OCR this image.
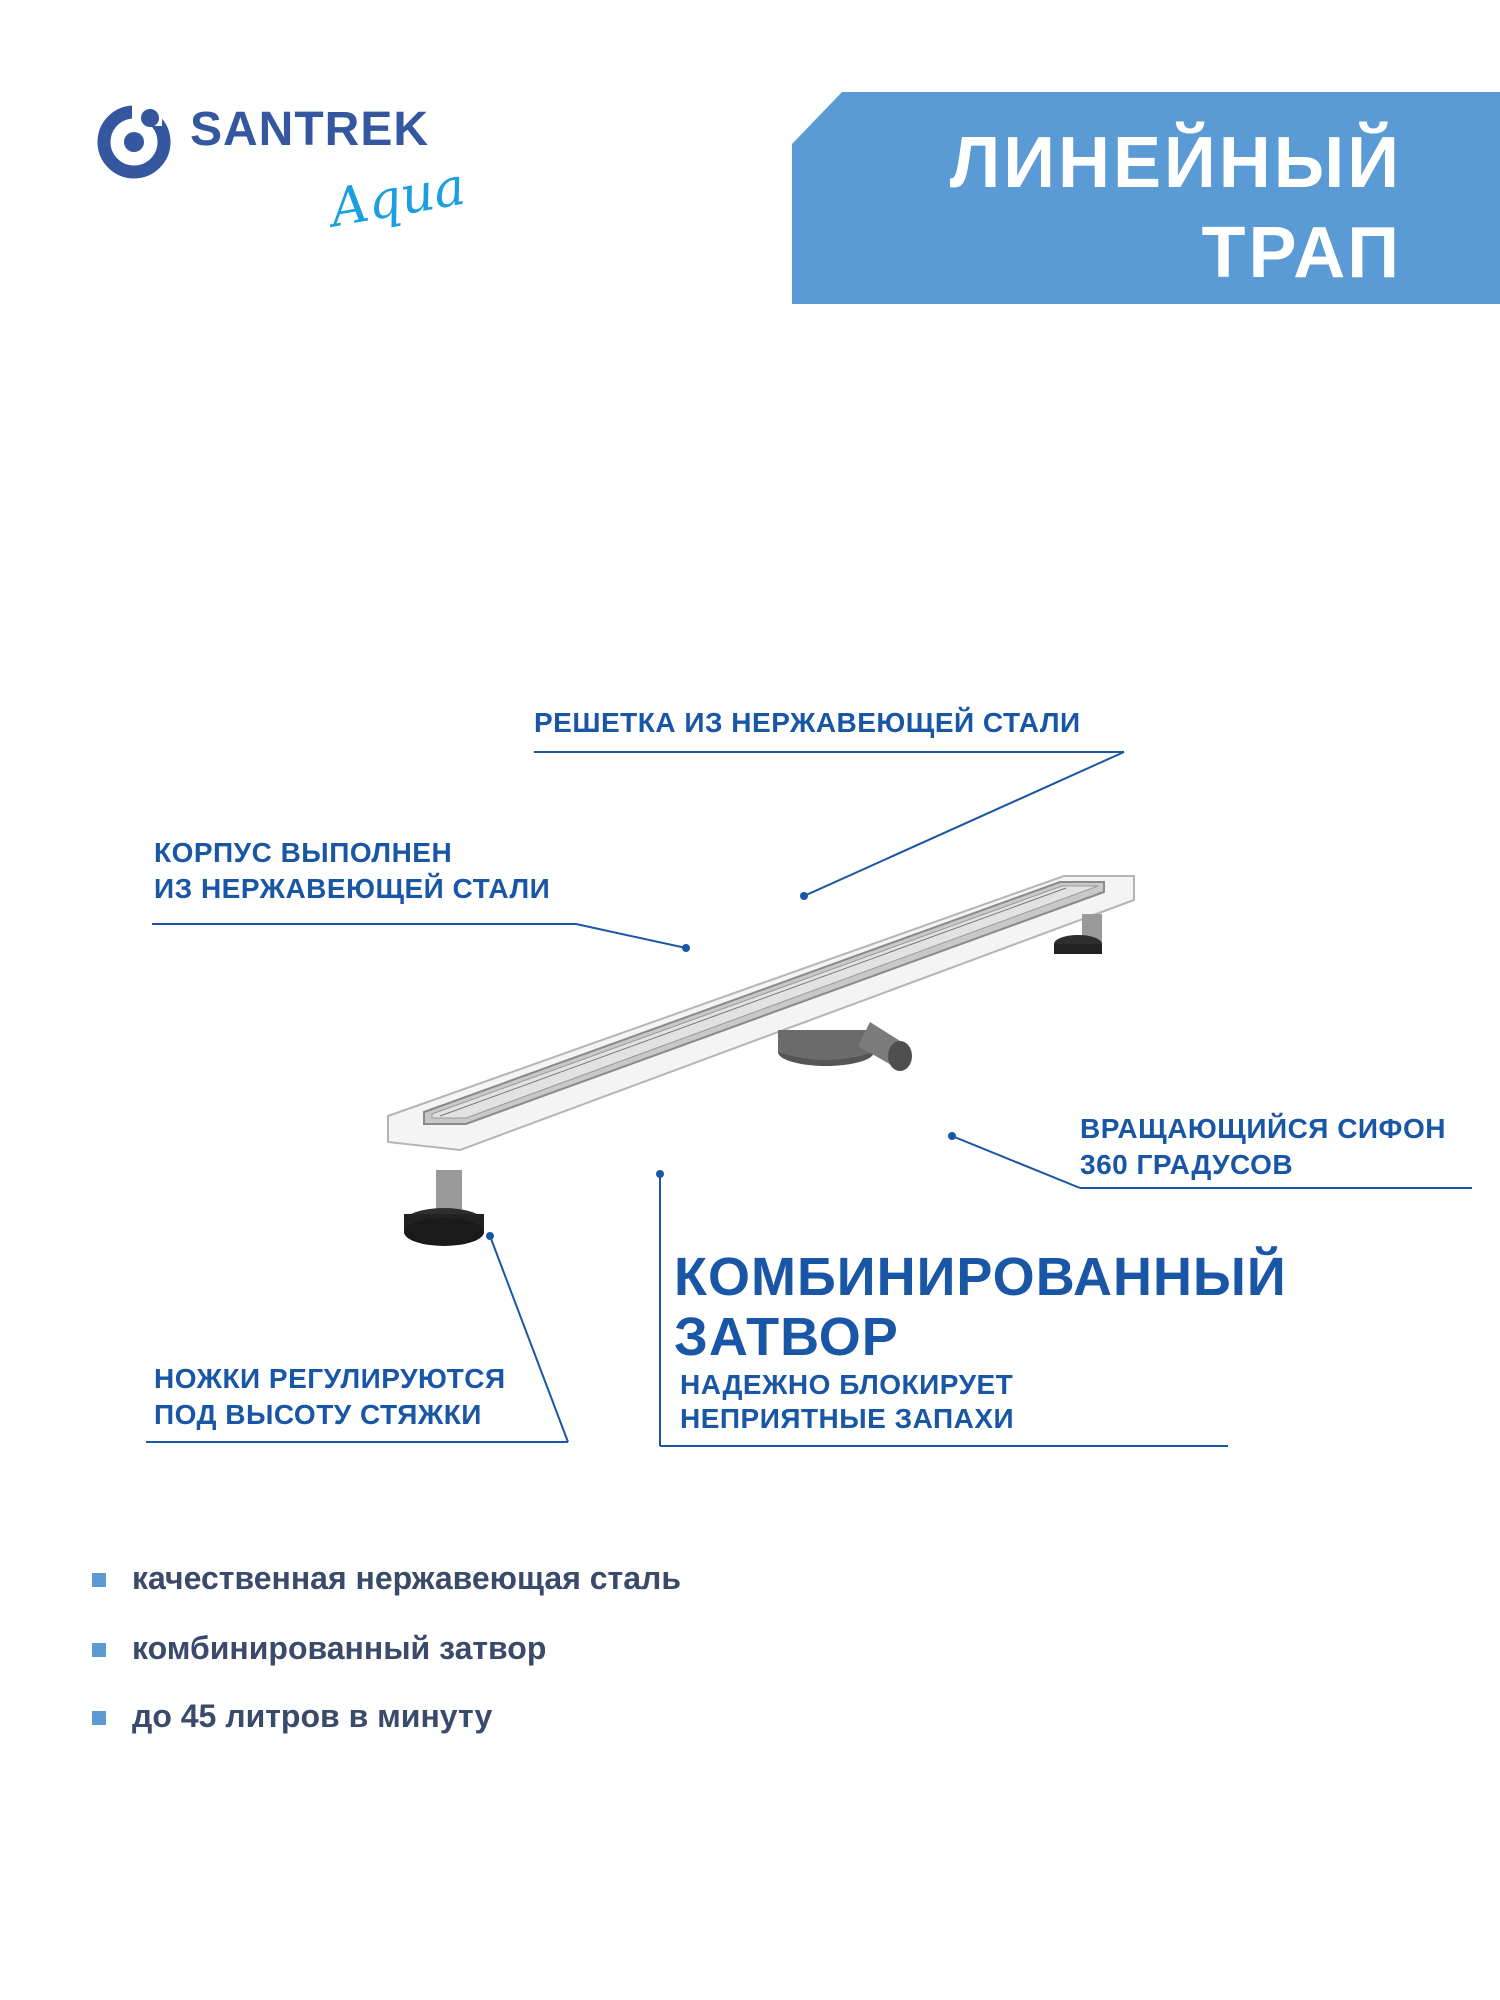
SANTREK
Aqua	ЛИНЕЙНЫЙ
ТРАП
РЕШЕТКА ИЗ НЕРЖАВЕЮЩЕЙ СТАЛИ
КОРПУС ВЫПОЛНЕН
ИЗ НЕРЖАВЕЮЩЕЙ СТАЛИ
ВРАЩАЮЩИЙСЯ СИФОН
360 ГРАДУСОВ
НОЖКИ РЕГУЛИРУЮТСЯ
ПОД ВЫСОТУ СТЯЖКИ
КОМБИНИРОВАННЫЙ
ЗАТВОР
НАДЕЖНО БЛОКИРУЕТ
НЕПРИЯТНЫЕ ЗАПАХИ
качественная нержавеющая сталь
комбинированный затвор
до 45 литров в минуту
